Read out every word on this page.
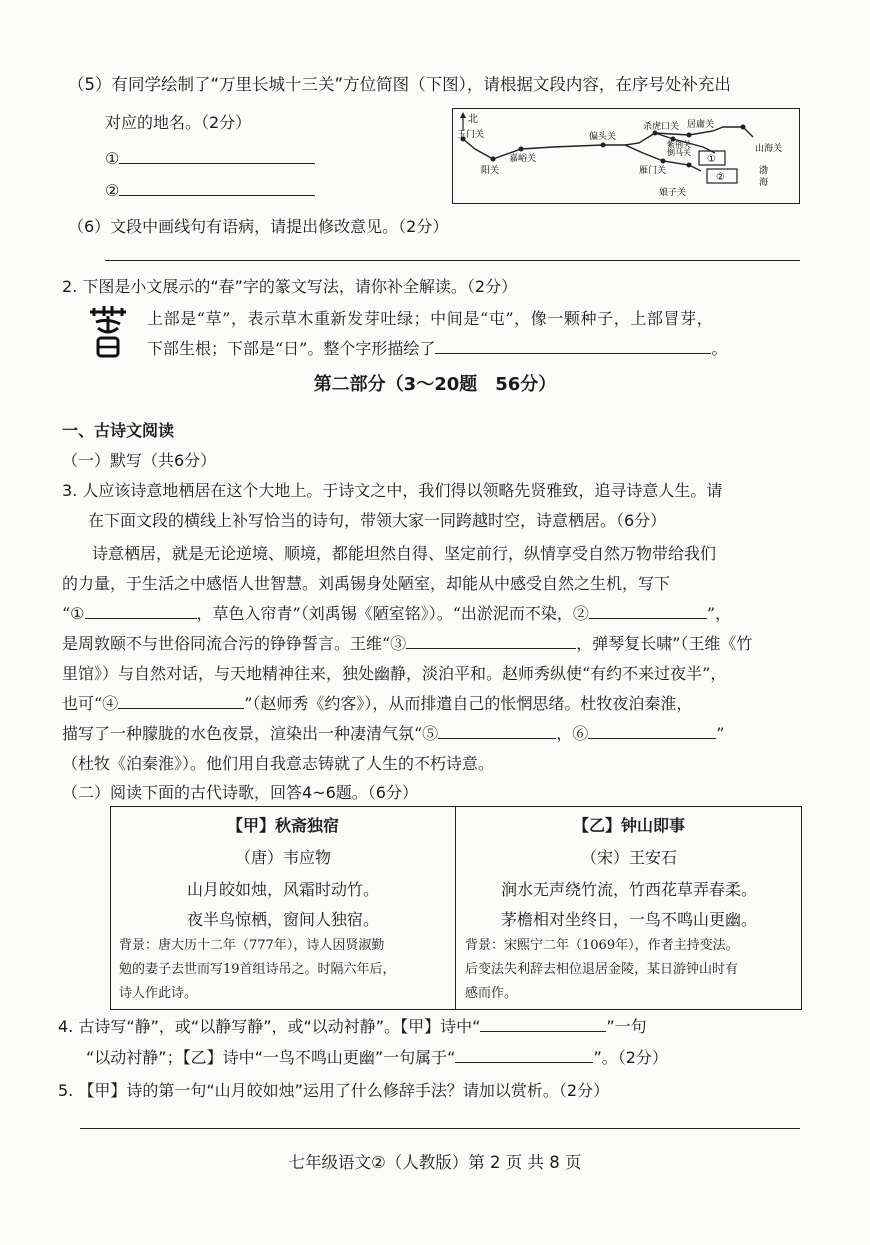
（5）有同学绘制了“万里长城十三关”方位简图（下图），请根据文段内容，在序号处补充出
对应的地名。（2分）
①
②
北
①
②
玉门关
阳关
嘉峪关
偏头关
杀虎口关 居庸关
紫荆关
倒马关
雁门关
娘子关
山海关
渤
海
（6）文段中画线句有语病，请提出修改意见。（2分）
2. 下图是小文展示的“春”字的篆文写法，请你补全解读。（2分）
上部是“草”，表示草木重新发芽吐绿；中间是“屯”，像一颗种子，上部冒芽，
下部生根；下部是“日”。整个字形描绘了	。
第二部分（3～20题　56分）
一、古诗文阅读
（一）默写（共6分）
3. 人应该诗意地栖居在这个大地上。于诗文之中，我们得以领略先贤雅致，追寻诗意人生。请
在下面文段的横线上补写恰当的诗句，带领大家一同跨越时空，诗意栖居。（6分）
诗意栖居，就是无论逆境、顺境，都能坦然自得、坚定前行，纵情享受自然万物带给我们
的力量，于生活之中感悟人世智慧。刘禹锡身处陋室，却能从中感受自然之生机，写下
“①	，草色入帘青”（刘禹锡《陋室铭》）。“出淤泥而不染，②	”，
是周敦颐不与世俗同流合污的铮铮誓言。王维“③	，弹琴复长啸”（王维《竹
里馆》）与自然对话，与天地精神往来，独处幽静，淡泊平和。赵师秀纵使“有约不来过夜半”，
也可“④	”（赵师秀《约客》），从而排遣自己的怅惘思绪。杜牧夜泊秦淮，
描写了一种朦胧的水色夜景，渲染出一种凄清气氛“⑤	，⑥	”
（杜牧《泊秦淮》）。他们用自我意志铸就了人生的不朽诗意。
（二）阅读下面的古代诗歌，回答4~6题。（6分）
【甲】秋斋独宿
（唐）韦应物
山月皎如烛，风霜时动竹。
夜半鸟惊栖，窗间人独宿。
背景：唐大历十二年（777年），诗人因贤淑勤
勉的妻子去世而写19首组诗吊之。时隔六年后，
诗人作此诗。
【乙】钟山即事
（宋）王安石
涧水无声绕竹流，竹西花草弄春柔。
茅檐相对坐终日，一鸟不鸣山更幽。
背景：宋熙宁二年（1069年），作者主持变法。
后变法失利辞去相位退居金陵，某日游钟山时有
感而作。
4. 古诗写“静”，或“以静写静”，或“以动衬静”。【甲】诗中“	”一句
“以动衬静”；【乙】诗中“一鸟不鸣山更幽”一句属于“	”。（2分）
5. 【甲】诗的第一句“山月皎如烛”运用了什么修辞手法？请加以赏析。（2分）
七年级语文②（人教版）第 2 页 共 8 页
